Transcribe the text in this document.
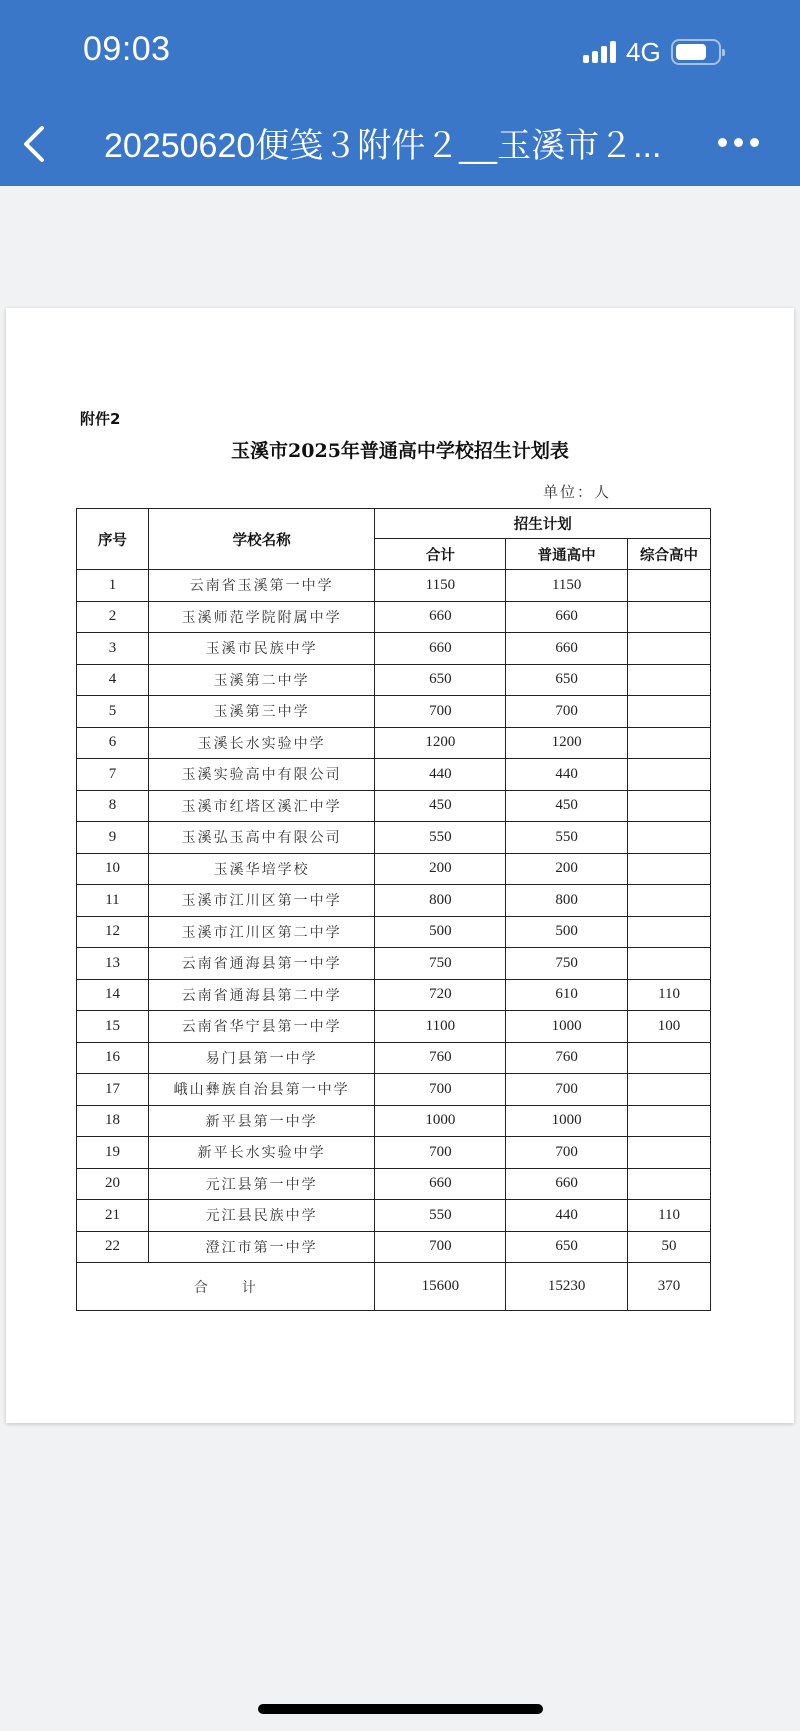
09:03	4G
20250620便笺３附件２__玉溪市２...
附件2
玉溪市2025年普通高中学校招生计划表
单位：人
序号	学校名称	招生计划		
		合计	普通高中	综合高中
1	云南省玉溪第一中学	1150	1150	
2	玉溪师范学院附属中学	660	660	
3	玉溪市民族中学	660	660	
4	玉溪第二中学	650	650	
5	玉溪第三中学	700	700	
6	玉溪长水实验中学	1200	1200	
7	玉溪实验高中有限公司	440	440	
8	玉溪市红塔区溪汇中学	450	450	
9	玉溪弘玉高中有限公司	550	550	
10	玉溪华培学校	200	200	
11	玉溪市江川区第一中学	800	800	
12	玉溪市江川区第二中学	500	500	
13	云南省通海县第一中学	750	750	
14	云南省通海县第二中学	720	610	110
15	云南省华宁县第一中学	1100	1000	100
16	易门县第一中学	760	760	
17	峨山彝族自治县第一中学	700	700	
18	新平县第一中学	1000	1000	
19	新平长水实验中学	700	700	
20	元江县第一中学	660	660	
21	元江县民族中学	550	440	110
22	澄江市第一中学	700	650	50
合　　计		15600	15230	370
